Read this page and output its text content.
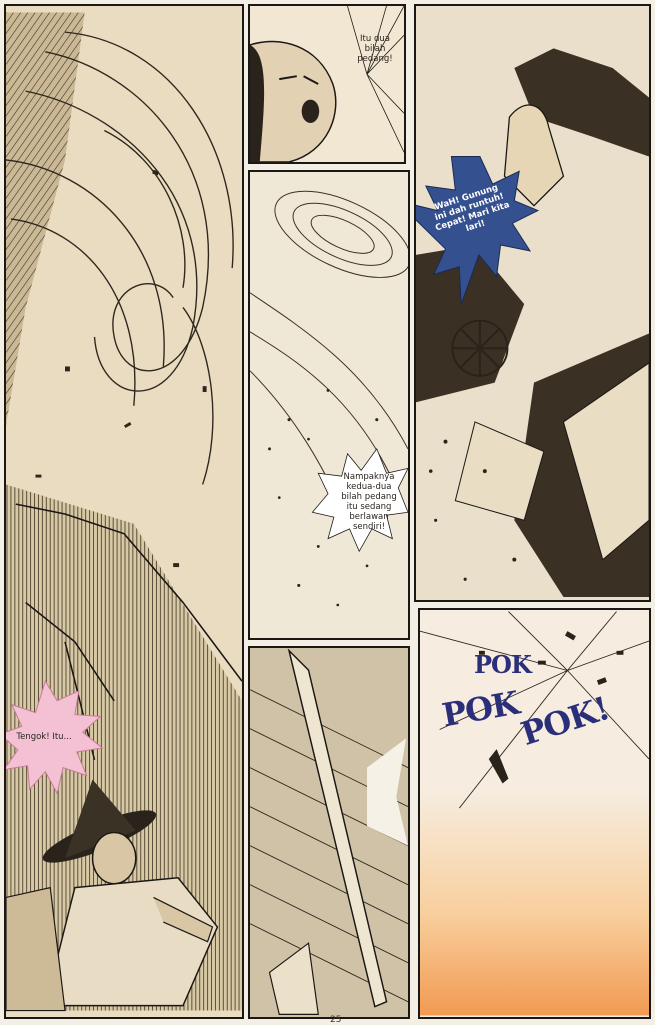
Tengok! Itu...
Itu dua bilah pedang!
Nampaknya kedua-dua bilah pedang itu sedang berlawan sendiri!
WaH! Gunung ini dah runtuh! Cepat! Mari kita lari!
POK
POK
POK!
25
